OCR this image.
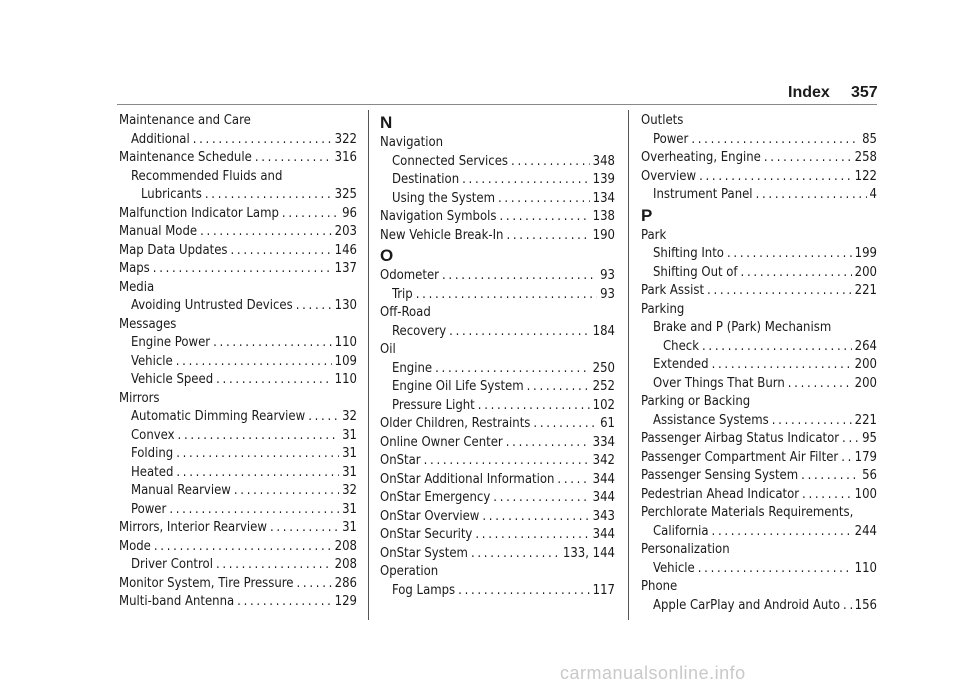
Index 357
Maintenance and Care
Additional . . .	322
Maintenance Schedule . . .	316
Recommended Fluids and
Lubricants . . .	325
Malfunction Indicator Lamp . . .	96
Manual Mode . . .	203
Map Data Updates . . .	146
Maps . . .	137
Media
Avoiding Untrusted Devices . . .	130
Messages
Engine Power . . .	110
Vehicle . . .	109
Vehicle Speed . . .	110
Mirrors
Automatic Dimming Rearview . . .	32
Convex . . .	31
Folding . . .	31
Heated . . .	31
Manual Rearview . . .	32
Power . . .	31
Mirrors, Interior Rearview . . .	31
Mode . . .	208
Driver Control . . .	208
Monitor System, Tire Pressure . . .	286
Multi-band Antenna . . .	129
N
Navigation
Connected Services . . .	348
Destination . . .	139
Using the System . . .	134
Navigation Symbols . . .	138
New Vehicle Break-In . . .	190
O
Odometer . . .	93
Trip . . .	93
Off-Road
Recovery . . .	184
Oil
Engine . . .	250
Engine Oil Life System . . .	252
Pressure Light . . .	102
Older Children, Restraints . . .	61
Online Owner Center . . .	334
OnStar . . .	342
OnStar Additional Information . . .	344
OnStar Emergency . . .	344
OnStar Overview . . .	343
OnStar Security . . .	344
OnStar System . . .	133, 144
Operation
Fog Lamps . . .	117
Outlets
Power . . .	85
Overheating, Engine . . .	258
Overview . . .	122
Instrument Panel . . .	4
P
Park
Shifting Into . . .	199
Shifting Out of . . .	200
Park Assist . . .	221
Parking
Brake and P (Park) Mechanism
Check . . .	264
Extended . . .	200
Over Things That Burn . . .	200
Parking or Backing
Assistance Systems . . .	221
Passenger Airbag Status Indicator . . . 95
Passenger Compartment Air Filter . . . 179
Passenger Sensing System . . .	56
Pedestrian Ahead Indicator . . .	100
Perchlorate Materials Requirements,
California . . .	244
Personalization
Vehicle . . .	110
Phone
Apple CarPlay and Android Auto . . . 156
carmanualsonline.info
